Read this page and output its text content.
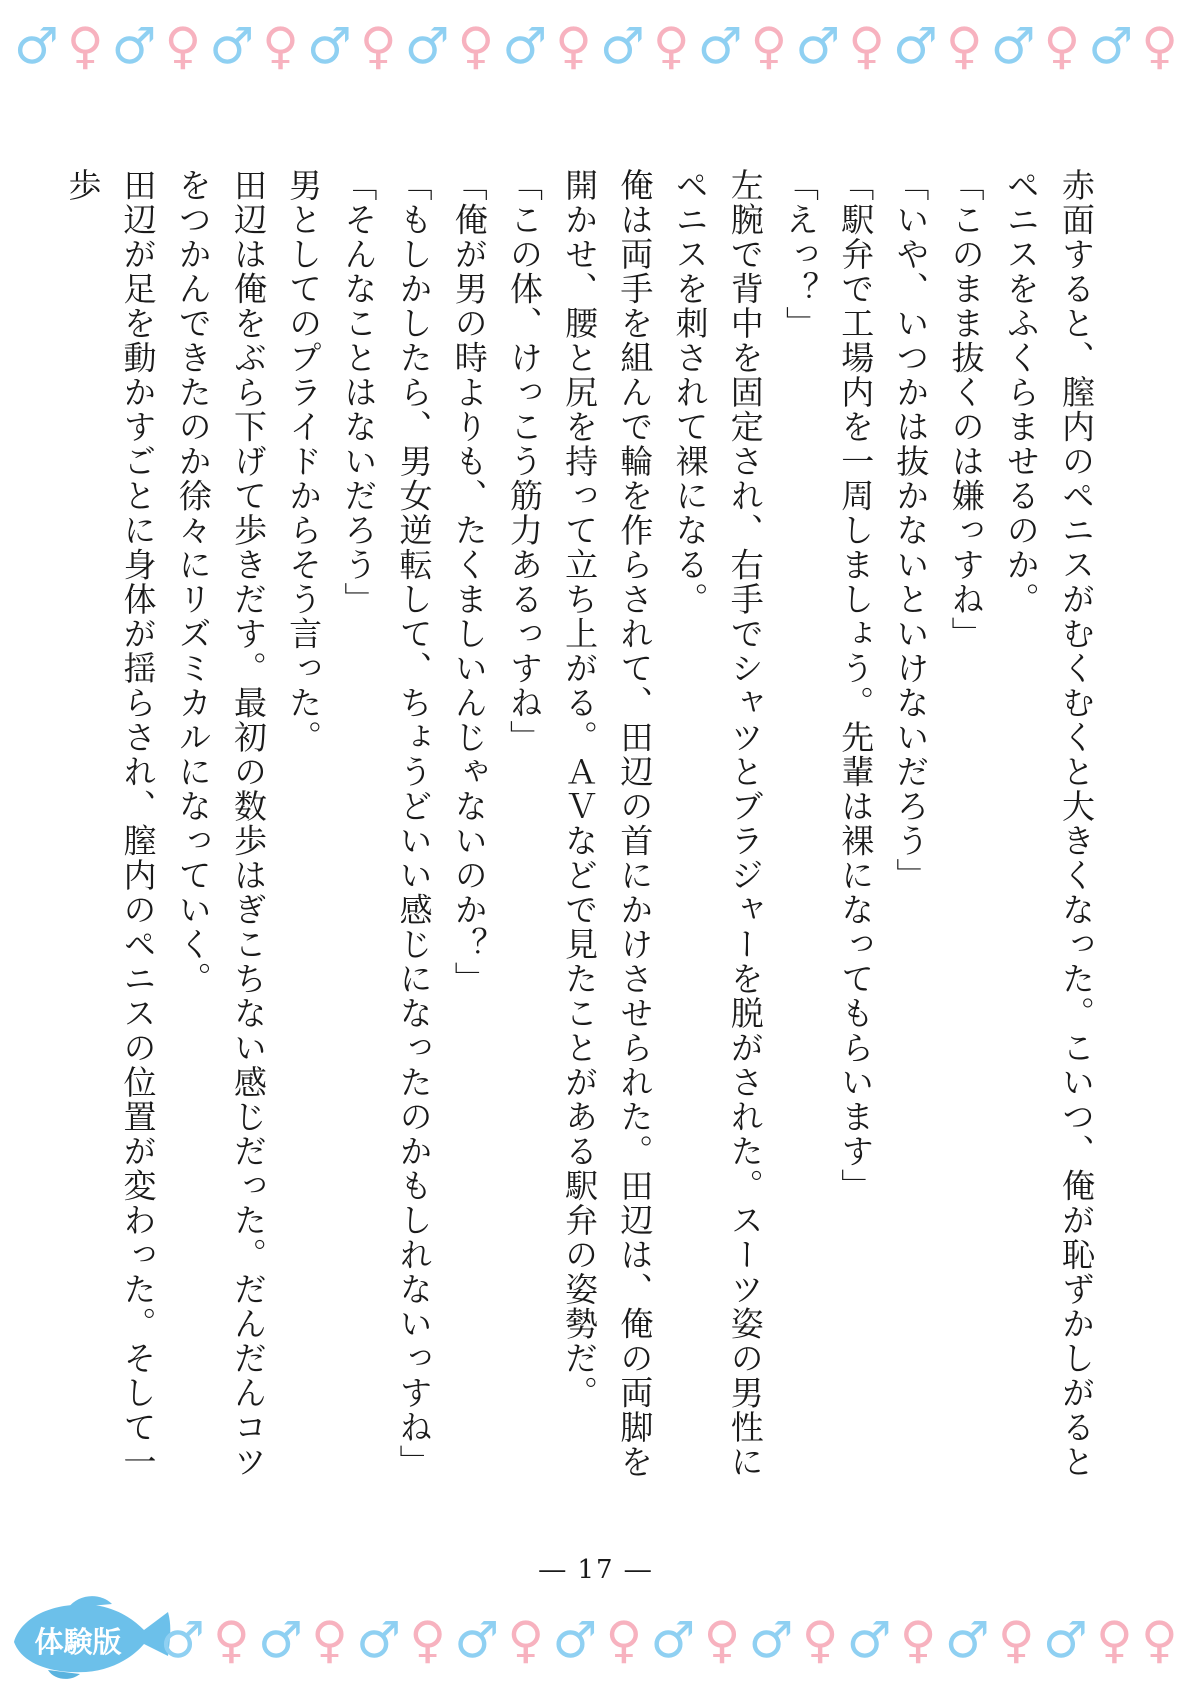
♂ ♀ ♂ ♀ ♂ ♀ ♂ ♀ ♂ ♀ ♂ ♀ ♂ ♀ ♂ ♀ ♂ ♀ ♂ ♀ ♂ ♀ ♂ ♀

赤面すると、膣内のペニスがむくむくと大きくなった。こいつ、俺が恥ずかしがるとペニスをふくらませるのか。

「このまま抜くのは嫌っすね」

「いや、いつかは抜かないといけないだろう」

「駅弁で工場内を一周しましょう。先輩は裸になってもらいます」

「えっ？」

左腕で背中を固定され、右手でシャツとブラジャーを脱がされた。スーツ姿の男性にペニスを刺されて裸になる。

俺は両手を組んで輪を作らされて、田辺の首にかけさせられた。田辺は、俺の両脚を開かせ、腰と尻を持って立ち上がる。ＡＶなどで見たことがある駅弁の姿勢だ。

「この体、けっこう筋力あるっすね」

「俺が男の時よりも、たくましいんじゃないのか？」

「もしかしたら、男女逆転して、ちょうどいい感じになったのかもしれないっすね」

「そんなことはないだろう」

男としてのプライドからそう言った。

田辺は俺をぶら下げて歩きだす。最初の数歩はぎこちない感じだった。だんだんコツをつかんできたのか徐々にリズミカルになっていく。

田辺が足を動かすごとに身体が揺らされ、膣内のペニスの位置が変わった。そして一歩

― 17 ―
体験版 ♂ ♀ ♂ ♀ ♂ ♀ ♂ ♀ ♂ ♀ ♂ ♀ ♂ ♀ ♂ ♀ ♂ ♀ ♂ ♀ ♀
